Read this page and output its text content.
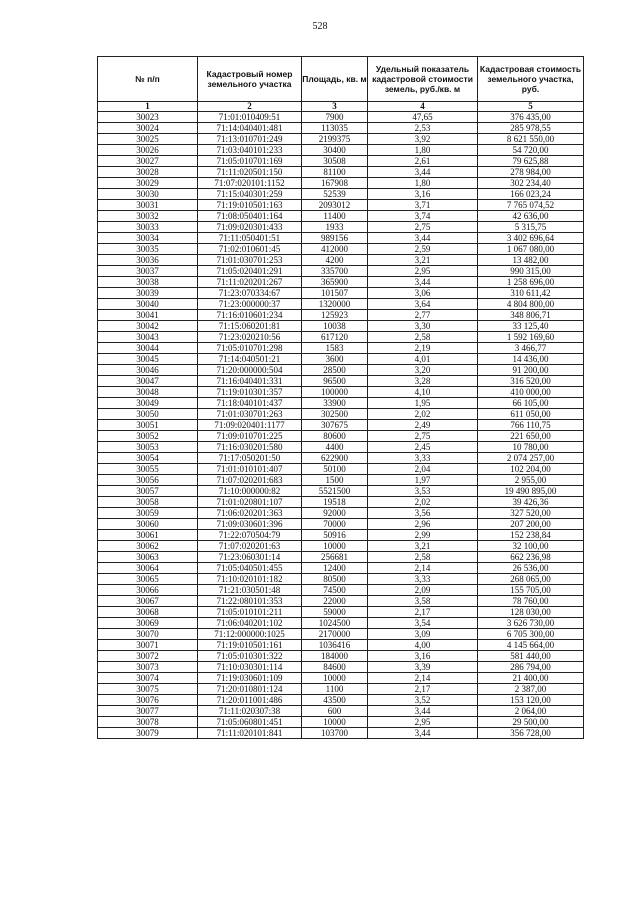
528
№ п/п	Кадастровый номер земельного участка	Площадь, кв. м	Удельный показатель кадастровой стоимости земель, руб./кв. м	Кадастровая стоимость земельного участка, руб.
1	2	3	4	5
30023	71:01:010409:51	7900	47,65	376 435,00
30024	71:14:040401:481	113035	2,53	285 978,55
30025	71:13:010701:249	2199375	3,92	8 621 550,00
30026	71:03:040101:233	30400	1,80	54 720,00
30027	71:05:010701:169	30508	2,61	79 625,88
30028	71:11:020501:150	81100	3,44	278 984,00
30029	71:07:020101:1152	167908	1,80	302 234,40
30030	71:15:040301:259	52539	3,16	166 023,24
30031	71:19:010501:163	2093012	3,71	7 765 074,52
30032	71:08:050401:164	11400	3,74	42 636,00
30033	71:09:020301:433	1933	2,75	5 315,75
30034	71:11:050401:51	989156	3,44	3 402 696,64
30035	71:02:010601:45	412000	2,59	1 067 080,00
30036	71:01:030701:253	4200	3,21	13 482,00
30037	71:05:020401:291	335700	2,95	990 315,00
30038	71:11:020201:267	365900	3,44	1 258 696,00
30039	71:23:070334:67	101507	3,06	310 611,42
30040	71:23:000000:37	1320000	3,64	4 804 800,00
30041	71:16:010601:234	125923	2,77	348 806,71
30042	71:15:060201:81	10038	3,30	33 125,40
30043	71:23:020210:56	617120	2,58	1 592 169,60
30044	71:05:010701:298	1583	2,19	3 466,77
30045	71:14:040501:21	3600	4,01	14 436,00
30046	71:20:000000:504	28500	3,20	91 200,00
30047	71:16:040401:331	96500	3,28	316 520,00
30048	71:19:010301:357	100000	4,10	410 000,00
30049	71:18:040101:437	33900	1,95	66 105,00
30050	71:01:030701:263	302500	2,02	611 050,00
30051	71:09:020401:1177	307675	2,49	766 110,75
30052	71:09:010701:225	80600	2,75	221 650,00
30053	71:16:030201:580	4400	2,45	10 780,00
30054	71:17:050201:50	622900	3,33	2 074 257,00
30055	71:01:010101:407	50100	2,04	102 204,00
30056	71:07:020201:683	1500	1,97	2 955,00
30057	71:10:000000:82	5521500	3,53	19 490 895,00
30058	71:01:020801:107	19518	2,02	39 426,36
30059	71:06:020201:363	92000	3,56	327 520,00
30060	71:09:030601:396	70000	2,96	207 200,00
30061	71:22:070504:79	50916	2,99	152 238,84
30062	71:07:020201:63	10000	3,21	32 100,00
30063	71:23:060301:14	256681	2,58	662 236,98
30064	71:05:040501:455	12400	2,14	26 536,00
30065	71:10:020101:182	80500	3,33	268 065,00
30066	71:21:030501:48	74500	2,09	155 705,00
30067	71:22:080101:353	22000	3,58	78 760,00
30068	71:05:010101:211	59000	2,17	128 030,00
30069	71:06:040201:102	1024500	3,54	3 626 730,00
30070	71:12:000000:1025	2170000	3,09	6 705 300,00
30071	71:19:010501:161	1036416	4,00	4 145 664,00
30072	71:05:010301:322	184000	3,16	581 440,00
30073	71:10:030301:114	84600	3,39	286 794,00
30074	71:19:030601:109	10000	2,14	21 400,00
30075	71:20:010801:124	1100	2,17	2 387,00
30076	71:20:011001:486	43500	3,52	153 120,00
30077	71:11:020307:38	600	3,44	2 064,00
30078	71:05:060801:451	10000	2,95	29 500,00
30079	71:11:020101:841	103700	3,44	356 728,00
